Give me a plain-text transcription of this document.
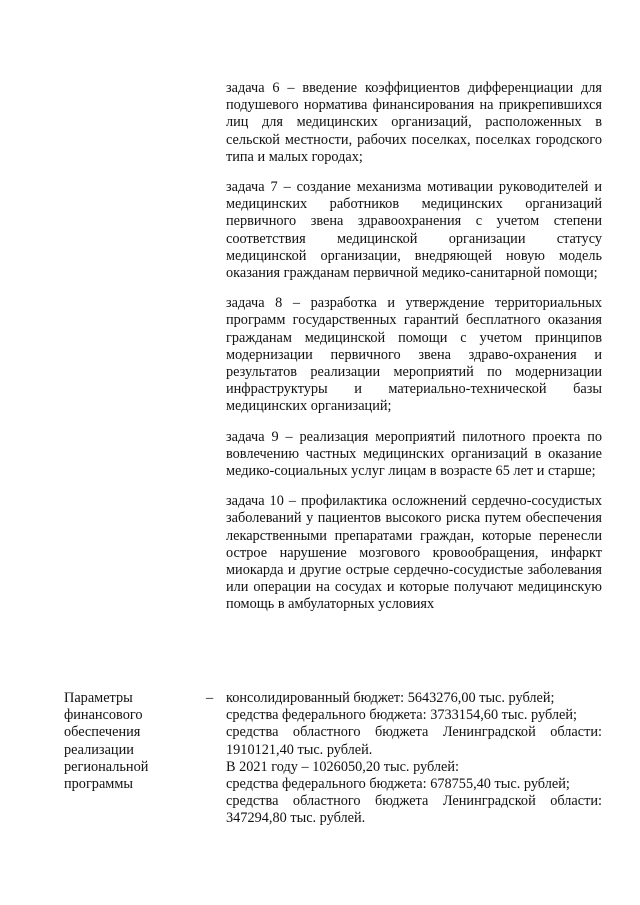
задача 6 – введение коэффициентов дифференциации для подушевого норматива финансирования на прикрепившихся лиц для медицинских организаций, расположенных в сельской местности, рабочих поселках, поселках городского типа и малых городах;

задача 7 – создание механизма мотивации руководителей и медицинских работников медицинских организаций первичного звена здравоохранения с учетом степени соответствия медицинской организации статусу медицинской организации, внедряющей новую модель оказания гражданам первичной медико-санитарной помощи;

задача 8 – разработка и утверждение территориальных программ государственных гарантий бесплатного оказания гражданам медицинской помощи с учетом принципов модернизации первичного звена здраво-охранения и результатов реализации мероприятий по модернизации инфраструктуры и материально-технической базы медицинских организаций;

задача 9 – реализация мероприятий пилотного проекта по вовлечению частных медицинских организаций в оказание медико-социальных услуг лицам в возрасте 65 лет и старше;

задача 10 – профилактика осложнений сердечно-сосудистых заболеваний у пациентов высокого риска путем обеспечения лекарственными препаратами граждан, которые перенесли острое нарушение мозгового кровообращения, инфаркт миокарда и другие острые сердечно-сосудистые заболевания или операции на сосудах и которые получают медицинскую помощь в амбулаторных условиях

Параметры финансового обеспечения реализации региональной программы
– консолидированный бюджет: 5643276,00 тыс. рублей;

средства федерального бюджета: 3733154,60 тыс. рублей;

средства областного бюджета Ленинградской области: 1910121,40 тыс. рублей.

В 2021 году – 1026050,20 тыс. рублей:

средства федерального бюджета: 678755,40 тыс. рублей;

средства областного бюджета Ленинградской области: 347294,80 тыс. рублей.
